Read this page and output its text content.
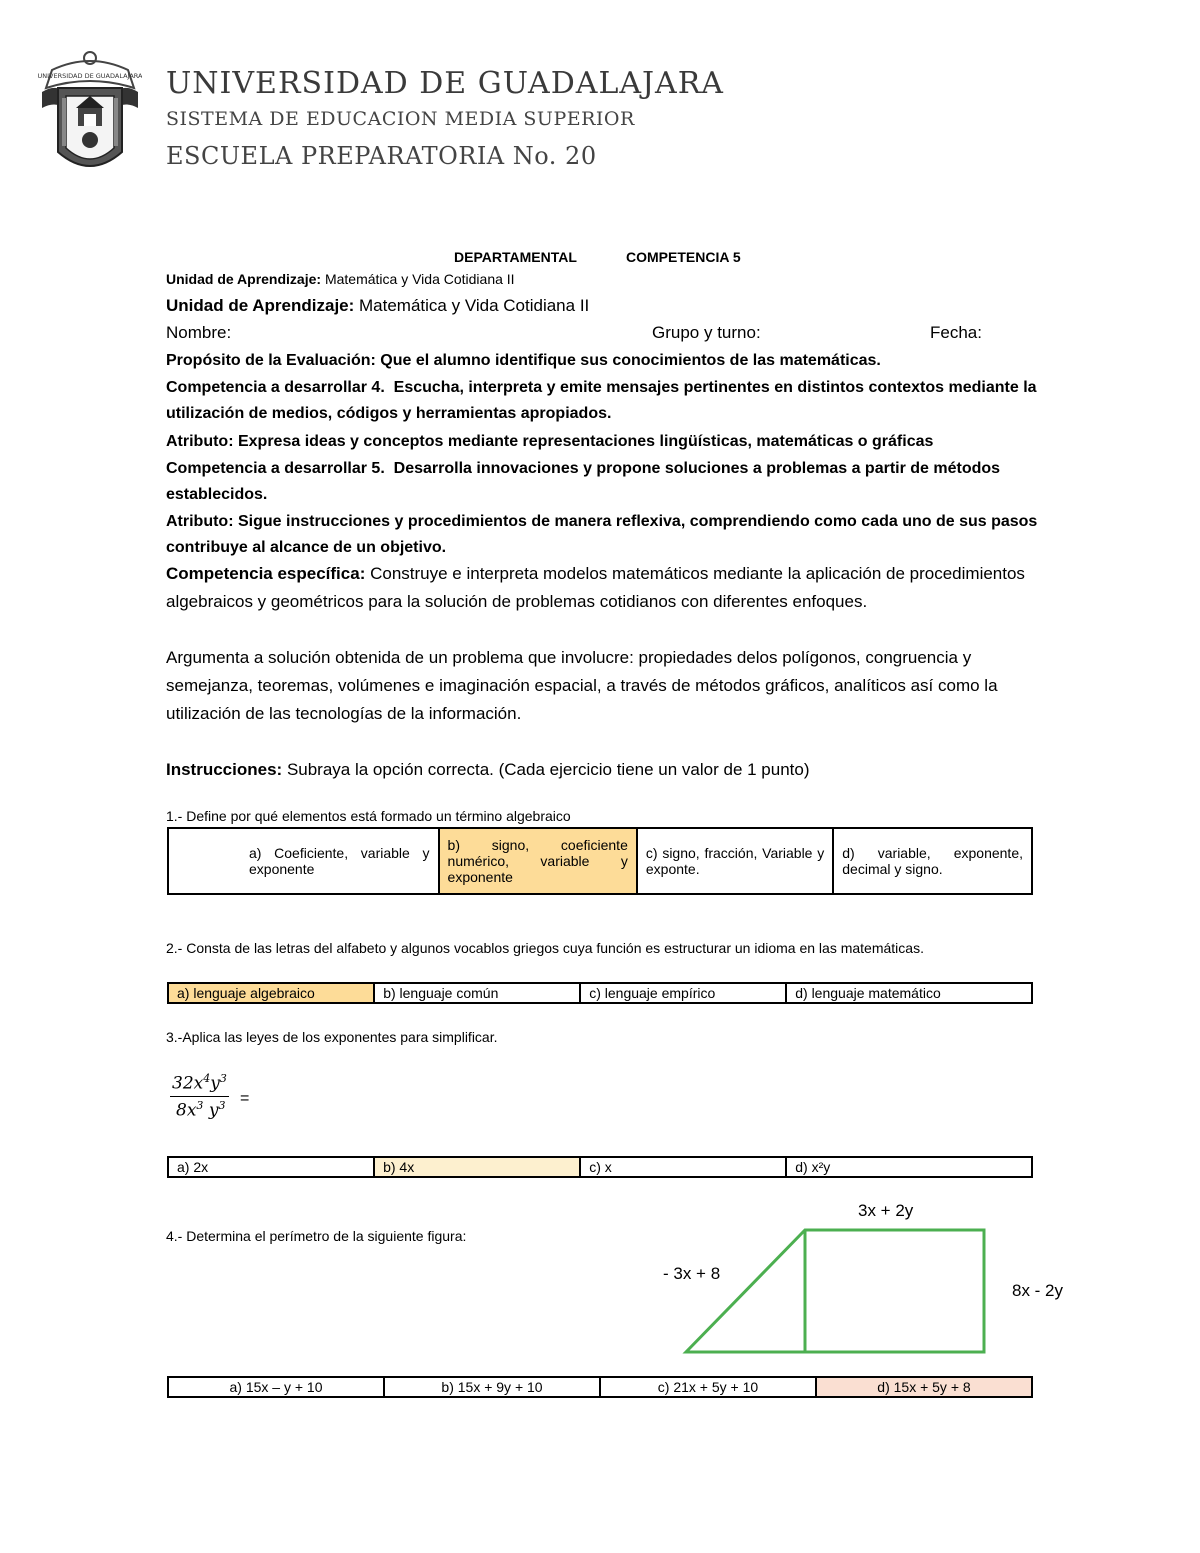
UNIVERSIDAD DE GUADALAJARA UNIVERSIDAD DE GUADALAJARA
SISTEMA DE EDUCACION MEDIA SUPERIOR
ESCUELA PREPARATORIA No. 20
DEPARTAMENTAL	COMPETENCIA 5
Unidad de Aprendizaje: Matemática y Vida Cotidiana II
Unidad de Aprendizaje: Matemática y Vida Cotidiana II
Nombre:	Grupo y turno:	Fecha:
Propósito de la Evaluación: Que el alumno identifique sus conocimientos de las matemáticas.
Competencia a desarrollar 4. Escucha, interpreta y emite mensajes pertinentes en distintos contextos mediante la utilización de medios, códigos y herramientas apropiados.
Atributo: Expresa ideas y conceptos mediante representaciones lingüísticas, matemáticas o gráficas
Competencia a desarrollar 5. Desarrolla innovaciones y propone soluciones a problemas a partir de métodos establecidos.
Atributo: Sigue instrucciones y procedimientos de manera reflexiva, comprendiendo como cada uno de sus pasos contribuye al alcance de un objetivo.
Competencia específica: Construye e interpreta modelos matemáticos mediante la aplicación de procedimientos algebraicos y geométricos para la solución de problemas cotidianos con diferentes enfoques.
Argumenta a solución obtenida de un problema que involucre: propiedades delos polígonos, congruencia y semejanza, teoremas, volúmenes e imaginación espacial, a través de métodos gráficos, analíticos así como la utilización de las tecnologías de la información.
Instrucciones: Subraya la opción correcta. (Cada ejercicio tiene un valor de 1 punto)
1.- Define por qué elementos está formado un término algebraico
a) Coeficiente, variable y exponente	b) signo, coeficiente numérico, variable y exponente	c) signo, fracción, Variable y exponte.	d) variable, exponente, decimal y signo.
2.- Consta de las letras del alfabeto y algunos vocablos griegos cuya función es estructurar un idioma en las matemáticas.
a) lenguaje algebraico	b) lenguaje común	c) lenguaje empírico	d) lenguaje matemático
3.-Aplica las leyes de los exponentes para simplificar.
$\frac{32x^4y^3}{8x^3 y^3}$ =
a) 2x	b) 4x	c) x	d) x²y
4.- Determina el perímetro de la siguiente figura:
3x + 2y
- 3x + 8
8x - 2y
a) 15x – y + 10	b) 15x + 9y + 10	c) 21x + 5y + 10	d) 15x + 5y + 8
